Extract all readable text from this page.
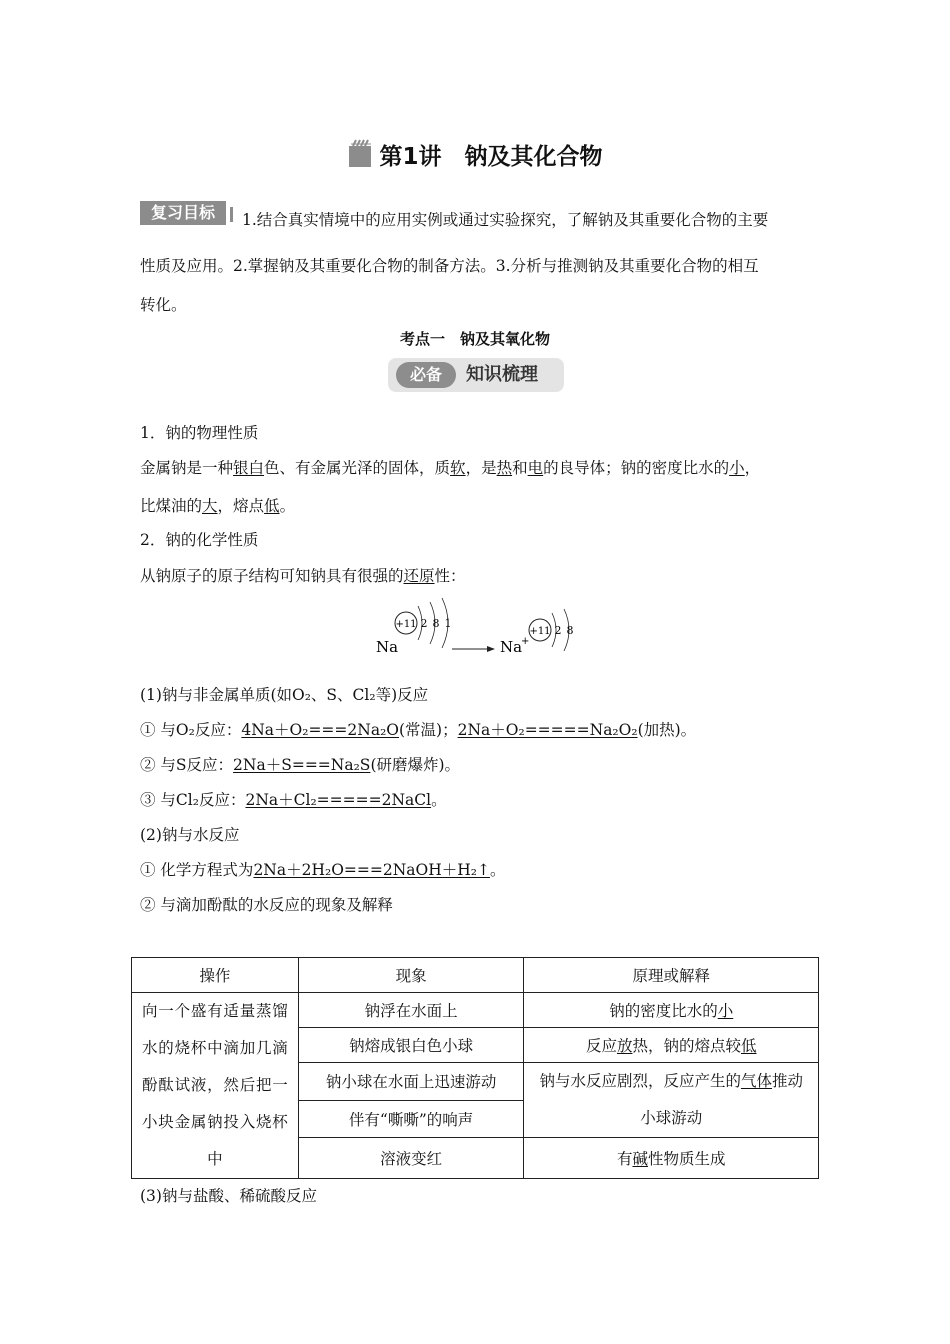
第1讲　钠及其化合物
复习目标	1.结合真实情境中的应用实例或通过实验探究，了解钠及其重要化合物的主要
性质及应用。2.掌握钠及其重要化合物的制备方法。3.分析与推测钠及其重要化合物的相互
转化。
考点一　钠及其氧化物
必备	知识梳理
1．钠的物理性质
金属钠是一种银白色、有金属光泽的固体，质软，是热和电的良导体；钠的密度比水的小，
比煤油的大，熔点低。
2．钠的化学性质
从钠原子的原子结构可知钠具有很强的还原性：
+11 2 8 1
Na	Na
+
+11 2 8
(1)钠与非金属单质(如O₂、S、Cl₂等)反应
① 与O₂反应：4Na＋O₂===2Na₂O(常温)；2Na＋O₂=====Na₂O₂(加热)。
② 与S反应：2Na＋S===Na₂S(研磨爆炸)。
③ 与Cl₂反应：2Na＋Cl₂=====2NaCl。
(2)钠与水反应
① 化学方程式为2Na＋2H₂O===2NaOH＋H₂↑。
② 与滴加酚酞的水反应的现象及解释
操作	现象	原理或解释

向一个盛有适量蒸馏水的烧杯中滴加几滴酚酞试液，然后把一小块金属钠投入烧杯中	钠浮在水面上	钠的密度比水的小
	钠熔成银白色小球	反应放热，钠的熔点较低
	钠小球在水面上迅速游动	钠与水反应剧烈，反应产生的气体推动小球游动
	伴有“嘶嘶”的响声	
	溶液变红	有碱性物质生成
(3)钠与盐酸、稀硫酸反应
